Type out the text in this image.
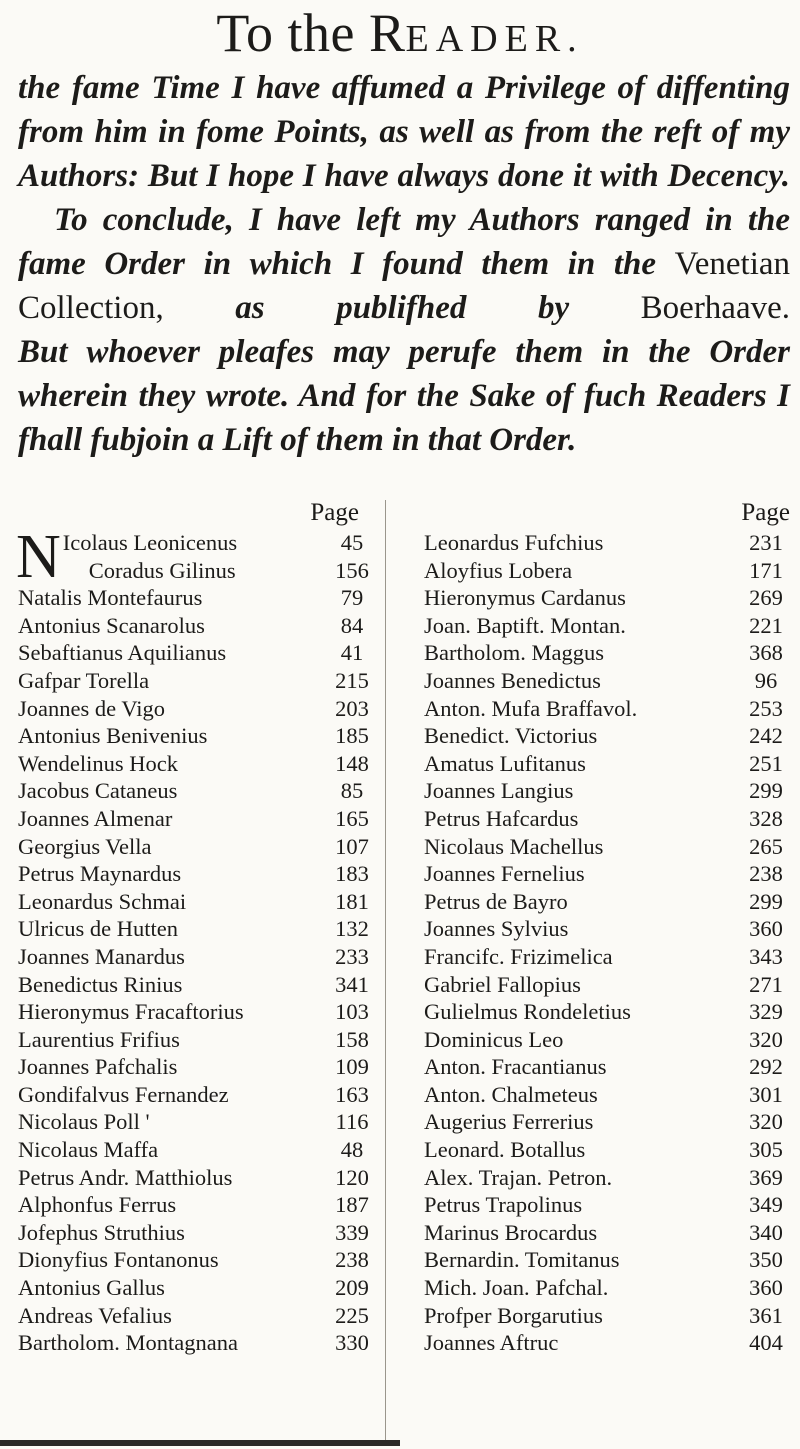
To the READER.

the fame Time I have affumed a Privilege of diffenting from him in fome Points, as well as from the reft of my Authors: But I hope I have always done it with Decency.

To conclude, I have left my Authors ranged in the fame Order in which I found them in the Venetian Collection, as publifhed by Boerhaave.

But whoever pleafes may perufe them in the Order wherein they wrote. And for the Sake of fuch Readers I fhall fubjoin a Lift of them in that Order.

Page
N Icolaus Leonicenus	45
Coradus Gilinus	156
Natalis Montefaurus	79
Antonius Scanarolus	84
Sebaftianus Aquilianus	41
Gafpar Torella	215
Joannes de Vigo	203
Antonius Benivenius	185
Wendelinus Hock	148
Jacobus Cataneus	85
Joannes Almenar	165
Georgius Vella	107
Petrus Maynardus	183
Leonardus Schmai	181
Ulricus de Hutten	132
Joannes Manardus	233
Benedictus Rinius	341
Hieronymus Fracaftorius	103
Laurentius Frifius	158
Joannes Pafchalis	109
Gondifalvus Fernandez	163
Nicolaus Poll '	116
Nicolaus Maffa	48
Petrus Andr. Matthiolus	120
Alphonfus Ferrus	187
Jofephus Struthius	339
Dionyfius Fontanonus	238
Antonius Gallus	209
Andreas Vefalius	225
Bartholom. Montagnana	330
Page
Leonardus Fufchius	231
Aloyfius Lobera	171
Hieronymus Cardanus	269
Joan. Baptift. Montan.	221
Bartholom. Maggus	368
Joannes Benedictus	96
Anton. Mufa Braffavol.	253
Benedict. Victorius	242
Amatus Lufitanus	251
Joannes Langius	299
Petrus Hafcardus	328
Nicolaus Machellus	265
Joannes Fernelius	238
Petrus de Bayro	299
Joannes Sylvius	360
Francifc. Frizimelica	343
Gabriel Fallopius	271
Gulielmus Rondeletius	329
Dominicus Leo	320
Anton. Fracantianus	292
Anton. Chalmeteus	301
Augerius Ferrerius	320
Leonard. Botallus	305
Alex. Trajan. Petron.	369
Petrus Trapolinus	349
Marinus Brocardus	340
Bernardin. Tomitanus	350
Mich. Joan. Pafchal.	360
Profper Borgarutius	361
Joannes Aftruc	404
